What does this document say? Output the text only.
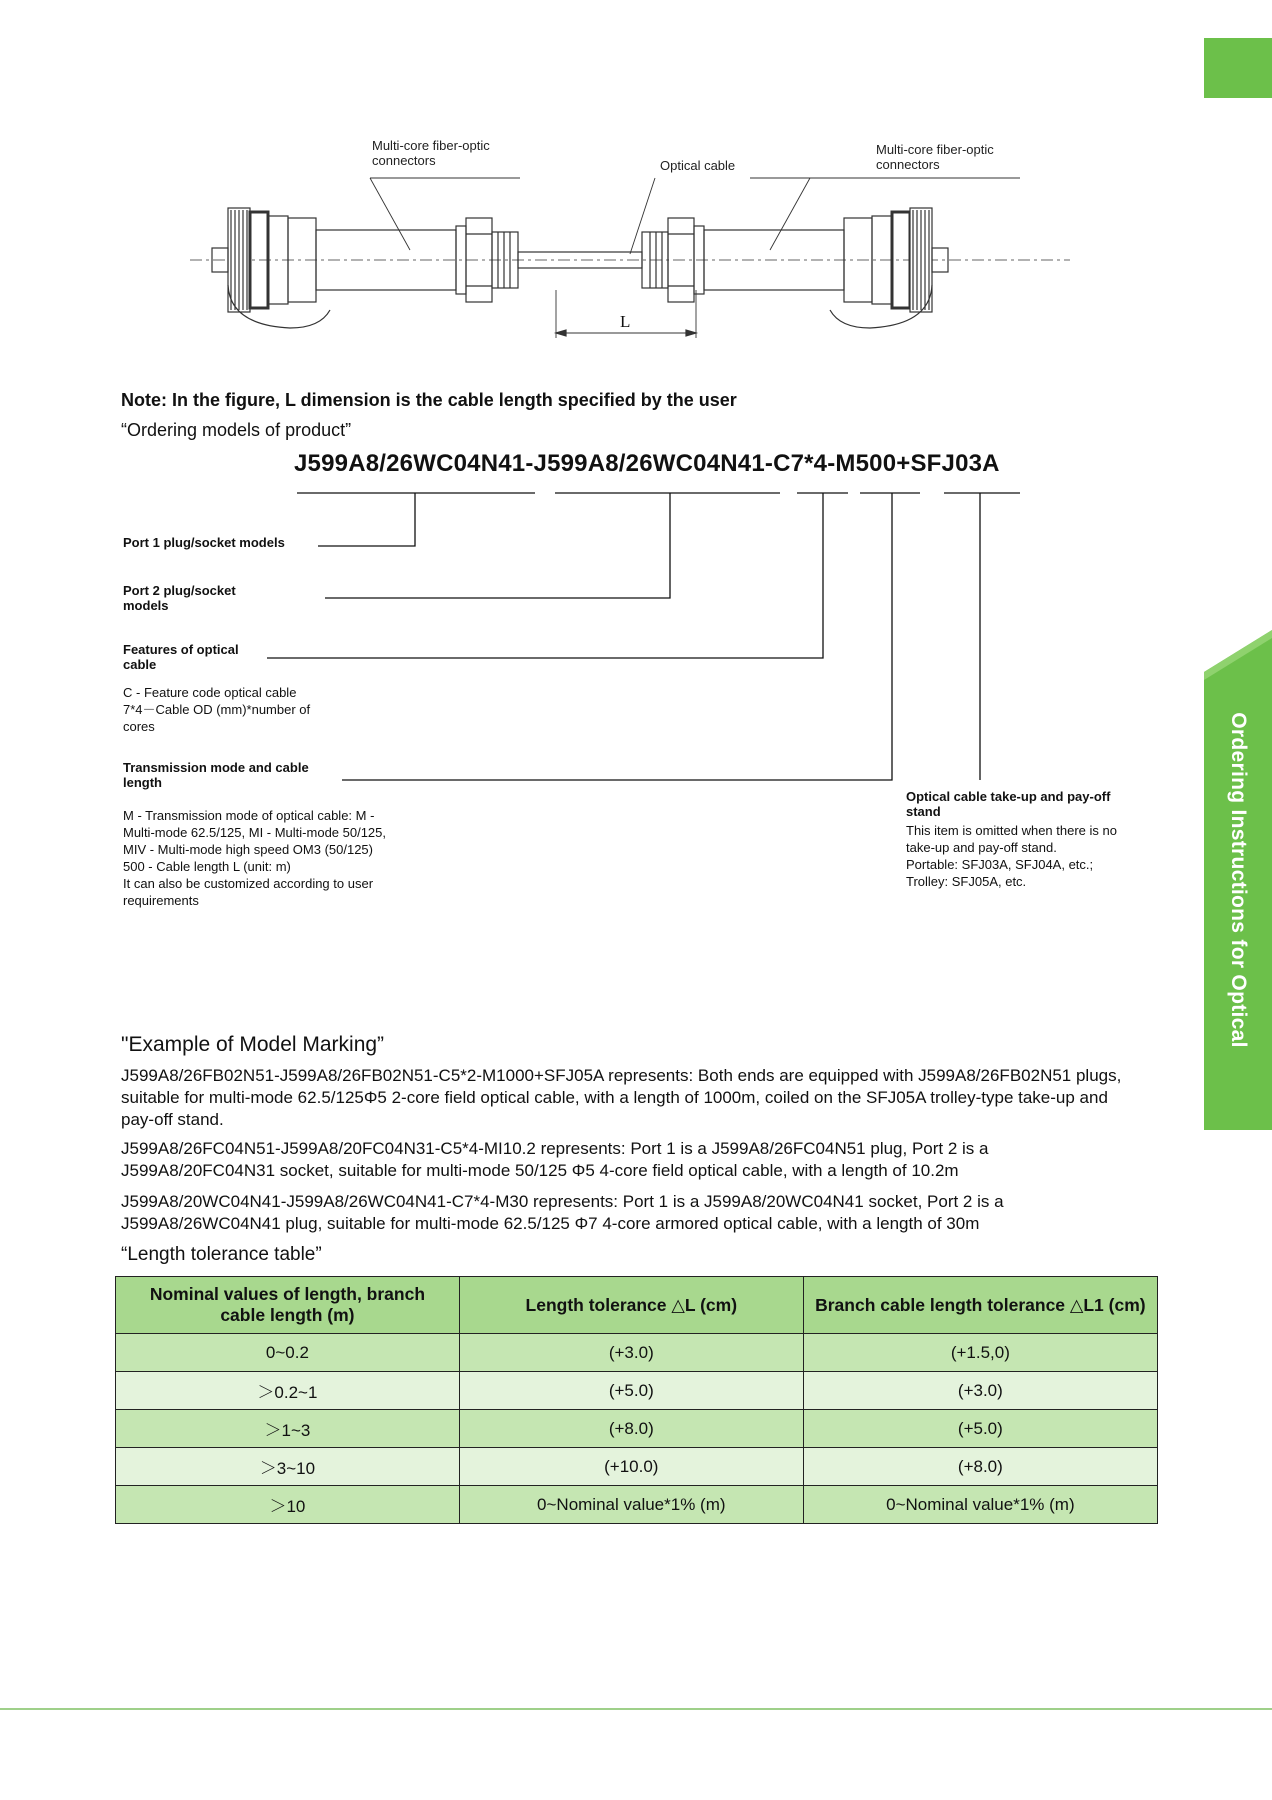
Ordering Instructions for Optical
Multi-core fiber-optic connectors	Optical cable
Multi-core fiber-optic connectors
L
Note: In the figure, L dimension is the cable length specified by the user
“Ordering models of product”
J599A8/26WC04N41-J599A8/26WC04N41-C7*4-M500+SFJ03A
Port 1 plug/socket models
Port 2 plug/socket models
Features of optical cable
C - Feature code optical cable
7*4－Cable OD (mm)*number of
cores
Transmission mode and cable length
M - Transmission mode of optical cable: M -
Multi-mode 62.5/125, MI - Multi-mode 50/125,
MIV - Multi-mode high speed OM3 (50/125)
500 - Cable length L (unit: m)
It can also be customized according to user
requirements
Optical cable take-up and pay-off stand
This item is omitted when there is no
take-up and pay-off stand.
Portable: SFJ03A, SFJ04A, etc.;
Trolley: SFJ05A, etc.
"Example of Model Marking”
J599A8/26FB02N51-J599A8/26FB02N51-C5*2-M1000+SFJ05A represents: Both ends are equipped with J599A8/26FB02N51 plugs, suitable for multi-mode 62.5/125Φ5 2-core field optical cable, with a length of 1000m, coiled on the SFJ05A trolley-type take-up and pay-off stand.
J599A8/26FC04N51-J599A8/20FC04N31-C5*4-MI10.2 represents: Port 1 is a J599A8/26FC04N51 plug, Port 2 is a J599A8/20FC04N31 socket, suitable for multi-mode 50/125 Φ5 4-core field optical cable, with a length of 10.2m
J599A8/20WC04N41-J599A8/26WC04N41-C7*4-M30 represents: Port 1 is a J599A8/20WC04N41 socket, Port 2 is a J599A8/26WC04N41 plug, suitable for multi-mode 62.5/125 Φ7 4-core armored optical cable, with a length of 30m
“Length tolerance table”
Nominal values of length, branch cable length (m)	Length tolerance △L (cm)	Branch cable length tolerance △L1 (cm)
0~0.2	(+3.0)	(+1.5,0)
＞0.2~1	(+5.0)	(+3.0)
＞1~3	(+8.0)	(+5.0)
＞3~10	(+10.0)	(+8.0)
＞10	0~Nominal value*1% (m)	0~Nominal value*1% (m)
